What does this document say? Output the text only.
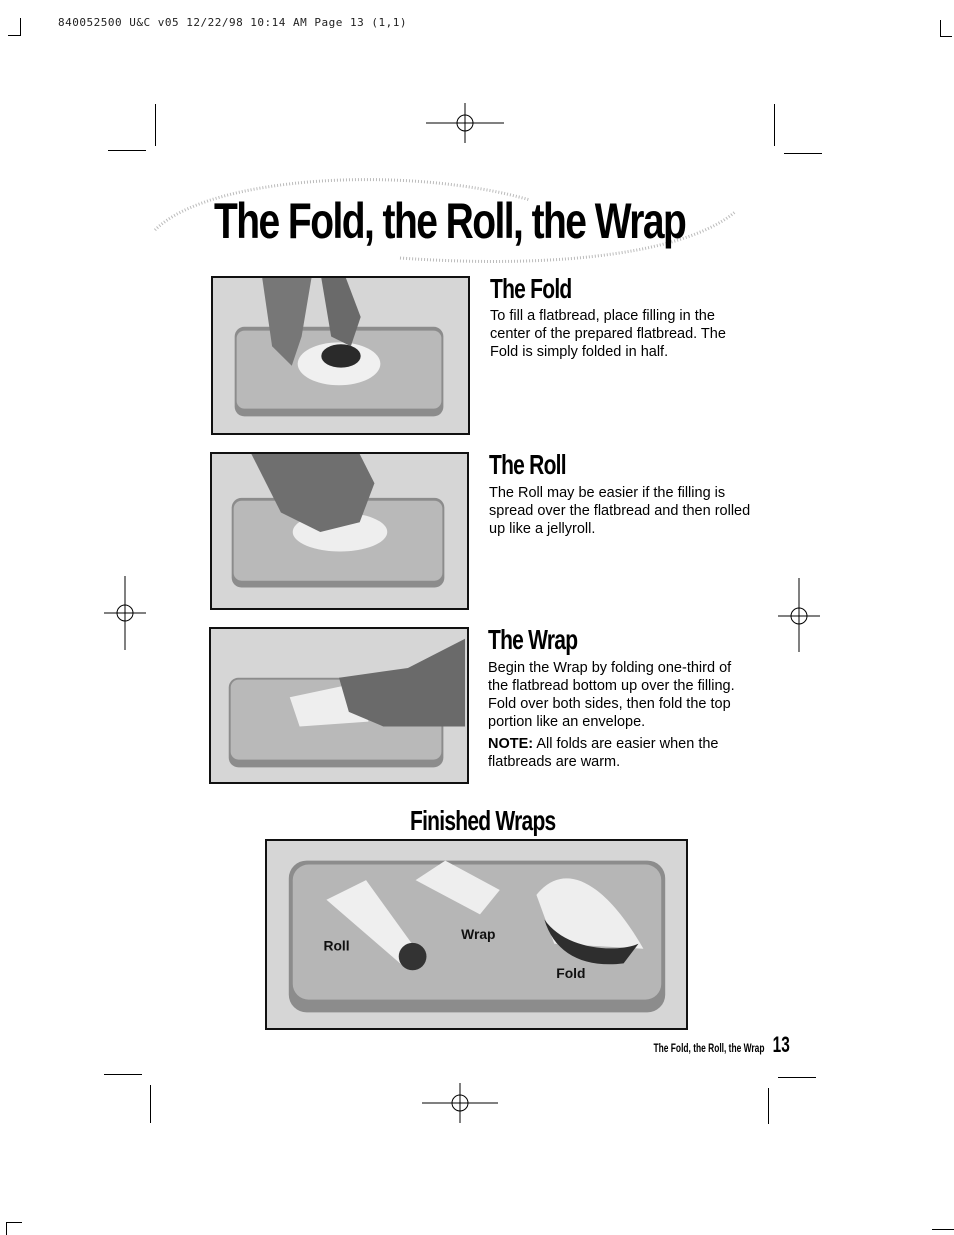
840052500 U&C v05 12/22/98 10:14 AM Page 13 (1,1)
The Fold, the Roll, the Wrap
The Fold
To fill a flatbread, place filling in the center of the prepared flatbread. The Fold is simply folded in half.
The Roll
The Roll may be easier if the filling is spread over the flatbread and then rolled up like a jellyroll.
The Wrap
Begin the Wrap by folding one-third of the flatbread bottom up over the filling. Fold over both sides, then fold the top portion like an envelope.
NOTE: All folds are easier when the flatbreads are warm.
Finished Wraps
Roll
Wrap
Fold
The Fold, the Roll, the Wrap 13
